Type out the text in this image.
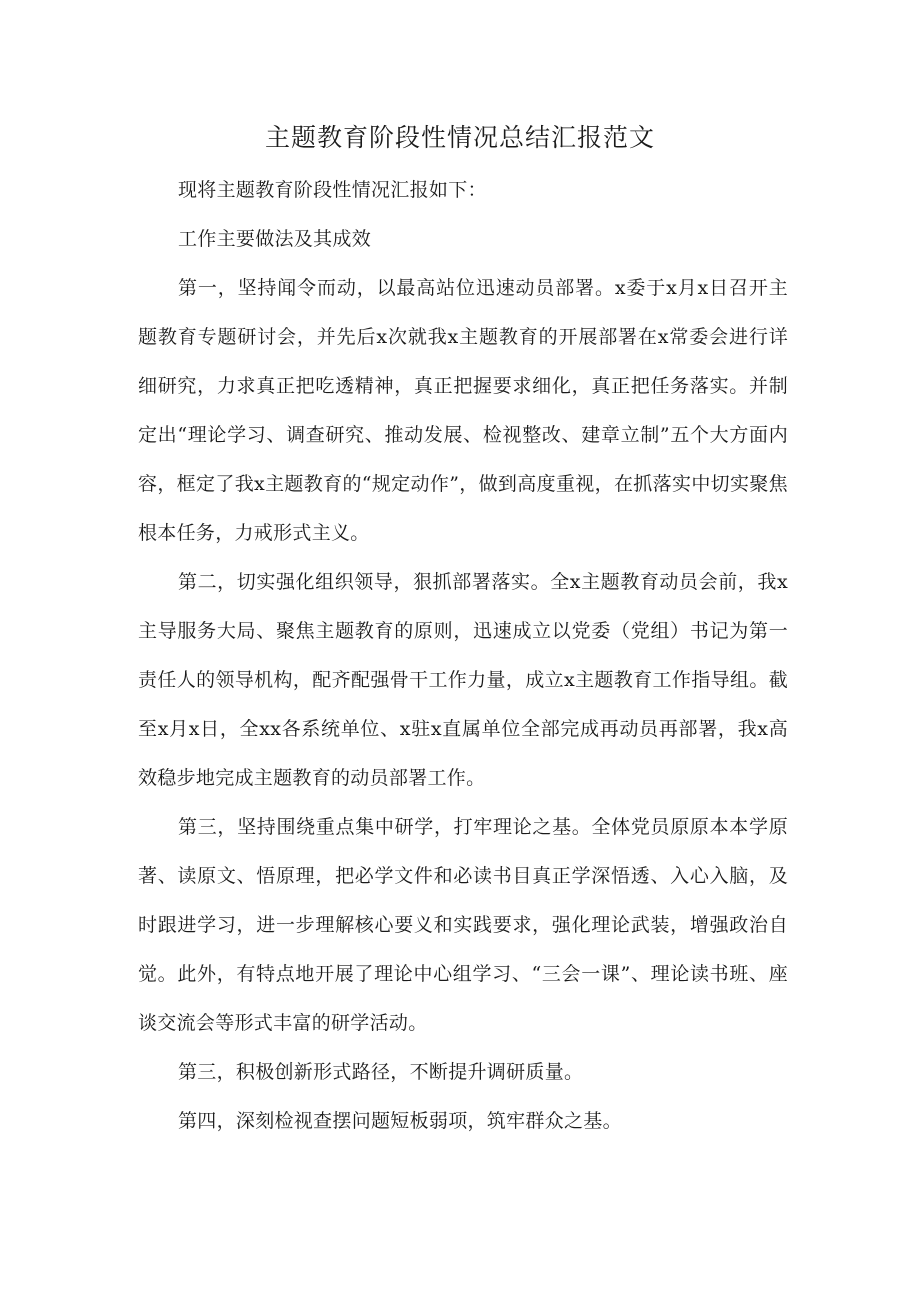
主题教育阶段性情况总结汇报范文

现将主题教育阶段性情况汇报如下：

工作主要做法及其成效

第一，坚持闻令而动，以最高站位迅速动员部署。x委于x月x日召开主题教育专题研讨会，并先后x次就我x主题教育的开展部署在x常委会进行详细研究，力求真正把吃透精神，真正把握要求细化，真正把任务落实。并制定出“理论学习、调查研究、推动发展、检视整改、建章立制”五个大方面内容，框定了我x主题教育的“规定动作”，做到高度重视，在抓落实中切实聚焦根本任务，力戒形式主义。

第二，切实强化组织领导，狠抓部署落实。全x主题教育动员会前，我x主导服务大局、聚焦主题教育的原则，迅速成立以党委（党组）书记为第一责任人的领导机构，配齐配强骨干工作力量，成立x主题教育工作指导组。截至x月x日，全xx各系统单位、x驻x直属单位全部完成再动员再部署，我x高效稳步地完成主题教育的动员部署工作。

第三，坚持围绕重点集中研学，打牢理论之基。全体党员原原本本学原著、读原文、悟原理，把必学文件和必读书目真正学深悟透、入心入脑，及时跟进学习，进一步理解核心要义和实践要求，强化理论武装，增强政治自觉。此外，有特点地开展了理论中心组学习、“三会一课”、理论读书班、座谈交流会等形式丰富的研学活动。

第三，积极创新形式路径，不断提升调研质量。

第四，深刻检视查摆问题短板弱项，筑牢群众之基。
